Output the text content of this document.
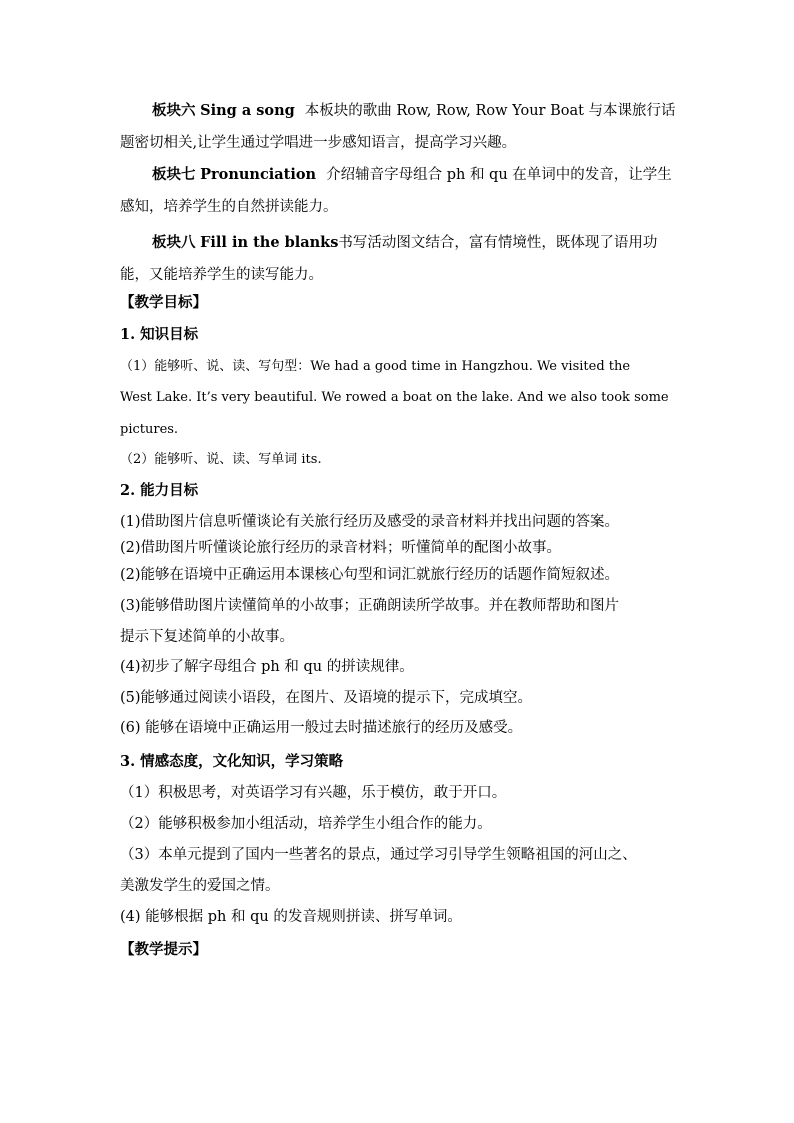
板块六 Sing a song 本板块的歌曲 Row, Row, Row Your Boat 与本课旅行话
题密切相关,让学生通过学唱进一步感知语言，提高学习兴趣。
板块七 Pronunciation 介绍辅音字母组合 ph 和 qu 在单词中的发音，让学生
感知，培养学生的自然拼读能力。
板块八 Fill in the blanks书写活动图文结合，富有情境性，既体现了语用功
能，又能培养学生的读写能力。
【教学目标】
1. 知识目标
（1）能够听、说、读、写句型：We had a good time in Hangzhou. We visited the
West Lake. It’s very beautiful. We rowed a boat on the lake. And we also took some
pictures.
（2）能够听、说、读、写单词 its.
2. 能力目标
(1)借助图片信息听懂谈论有关旅行经历及感受的录音材料并找出问题的答案。
(2)借助图片听懂谈论旅行经历的录音材料；听懂简单的配图小故事。
(2)能够在语境中正确运用本课核心句型和词汇就旅行经历的话题作简短叙述。
(3)能够借助图片读懂简单的小故事；正确朗读所学故事。并在教师帮助和图片
提示下复述简单的小故事。
(4)初步了解字母组合 ph 和 qu 的拼读规律。
(5)能够通过阅读小语段，在图片、及语境的提示下，完成填空。
(6) 能够在语境中正确运用一般过去时描述旅行的经历及感受。
3. 情感态度，文化知识，学习策略
（1）积极思考，对英语学习有兴趣，乐于模仿，敢于开口。
（2）能够积极参加小组活动，培养学生小组合作的能力。
（3）本单元提到了国内一些著名的景点，通过学习引导学生领略祖国的河山之、
美激发学生的爱国之情。
(4) 能够根据 ph 和 qu 的发音规则拼读、拼写单词。
【教学提示】
